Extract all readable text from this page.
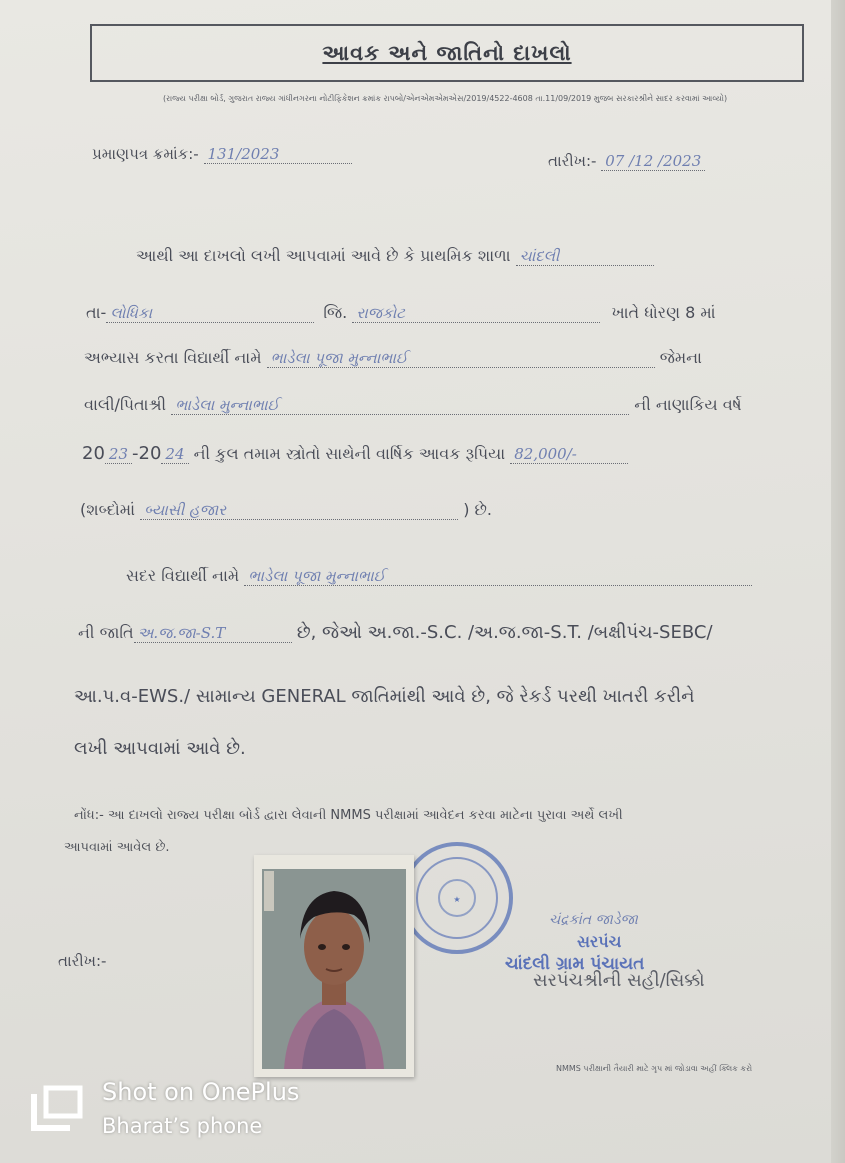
આવક અને જાતિનો દાખલો
(રાજ્ય પરીક્ષા બોર્ડ, ગુજરાત રાજ્ય ગાંધીનગરના નોટીફિકેશન ક્રમાંક રાપબો/એનએમએમએસ/2019/4522-4608 તા.11/09/2019 મુજબ સરકારશ્રીને સાદર કરવામાં આવ્યો)
પ્રમાણપત્ર ક્રમાંક:- 131/2023	તારીખ:- 07 /12 /2023
આથી આ દાખલો લખી આપવામાં આવે છે કે પ્રાથમિક શાળા ચાંદલી
તા- લોધિકા	જિ. રાજકોટ	ખાતે ધોરણ 8 માં
અભ્યાસ કરતા વિદ્યાર્થી નામે ભાડેલા પૂજા મુન્નાભાઈ	જેમના
વાલી/પિતાશ્રી ભાડેલા મુન્નાભાઈ	ની નાણાકિય વર્ષ
20 23 -20 24 ની કુલ તમામ સ્ત્રોતો સાથેની વાર્ષિક આવક રૂપિયા 82,000/-
(શબ્દોમાં બ્યાસી હજાર	) છે.
સદર વિદ્યાર્થી નામે ભાડેલા પૂજા મુન્નાભાઈ
ની જાતિ અ.જ.જા-S.T	છે, જેઓ અ.જા.-S.C. /અ.જ.જા-S.T. /બક્ષીપંચ-SEBC/
આ.પ.વ-EWS./ સામાન્ય GENERAL જાતિમાંથી આવે છે, જે રેકર્ડ પરથી ખાતરી કરીને
લખી આપવામાં આવે છે.
નોંધ:- આ દાખલો રાજ્ય પરીક્ષા બોર્ડ દ્વારા લેવાની NMMS પરીક્ષામાં આવેદન કરવા માટેના પુરાવા અર્થે લખી
આપવામાં આવેલ છે.
તારીખ:-
★
ચંદ્રકાંત જાડેજા
સરપંચ
ચાંદલી ગ્રામ પંચાયત
સરપંચશ્રીની સહી/સિક્કો
NMMS પરીક્ષાની તૈયારી માટે ગૃપ માં જોડાવા અહીં ક્લિક કરો
Shot on OnePlus
Bharat’s phone
